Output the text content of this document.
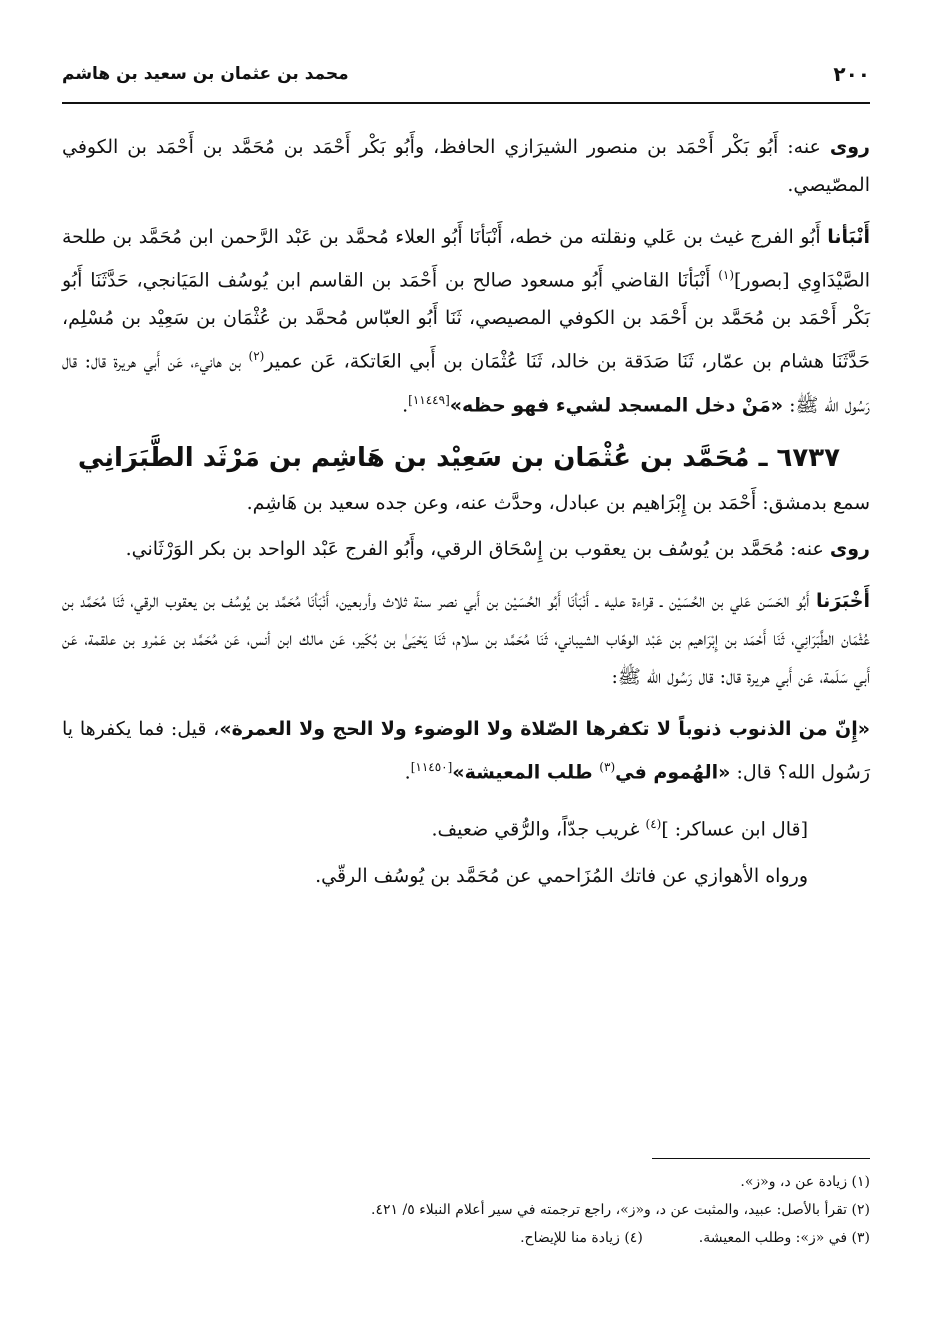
٢٠٠
محمد بن عثمان بن سعيد بن هاشم

روى عنه: أَبُو بَكْر أَحْمَد بن منصور الشيرَازي الحافظ، وأَبُو بَكْر أَحْمَد بن مُحَمَّد بن أَحْمَد بن الكوفي المصّيصي.

أَنْبَأنا أَبُو الفرج غيث بن عَلي ونقلته من خطه، أَنْبَأنَا أَبُو العلاء مُحمَّد بن عَبْد الرَّحمن ابن مُحَمَّد بن طلحة الصَّيْدَاوِي [بصور]$^{(١)}$ أَنْبَأنَا القاضي أَبُو مسعود صالح بن أَحْمَد بن القاسم ابن يُوسُف المَيَانجي، حَدَّثَنَا أَبُو بَكْر أَحْمَد بن مُحَمَّد بن أَحْمَد بن الكوفي المصيصي، ثَنَا أَبُو العبّاس مُحمَّد بن عُثْمَان بن سَعِيْد بن مُسْلِم، حَدَّثَنَا هشام بن عمّار، ثَنَا صَدَقة بن خالد، ثَنَا عُثْمَان بن أَبي العَاتكة، عَن عمير$^{(٢)}$ بن هانيء، عَن أَبي هريرة قال: قال رَسُول الله ﷺ: «مَنْ دخل المسجد لشيء فهو حظه»[١١٤٤٩].

٦٧٣٧ ـ مُحَمَّد بن عُثْمَان بن سَعِيْد بن هَاشِم بن مَرْثَد الطَّبَرَانِي

سمع بدمشق: أَحْمَد بن إِبْرَاهيم بن عبادل، وحدَّث عنه، وعن جده سعيد بن هَاشِم.

روى عنه: مُحَمَّد بن يُوسُف بن يعقوب بن إِسْحَاق الرقي، وأَبُو الفرج عَبْد الواحد بن بكر الوَرْثَاني.

أَخْبَرَنا أَبُو الحَسَن عَلي بن الحُسَيْن ـ قراءة عليه ـ أَنْبَأنَا أَبُو الحُسَيْن بن أَبي نصر سنة ثلاث وأربعين، أَنْبَأنَا مُحَمَّد بن يُوسُف بن يعقوب الرقي، ثَنَا مُحَمَّد بن عُثْمَان الطَّبَرَانِي، ثَنَا أَحْمَد بن إِبْرَاهيم بن عَبْد الوهّاب الشيباني، ثَنَا مُحَمَّد بن سلام، ثَنَا يَحْيَىٰ بن بُكَير، عَن مالك ابن أنس، عَن مُحَمَّد بن عَمْرو بن علقمة، عَن أَبي سَلَمة، عَن أَبي هريرة قال: قال رَسُول الله ﷺ:

«إِنّ من الذنوب ذنوباً لا تكفرها الصّلاة ولا الوضوء ولا الحج ولا العمرة»، قيل: فما يكفرها يا رَسُول الله؟ قال: «الهُموم في$^{(٣)}$ طلب المعيشة»[١١٤٥٠].

[قال ابن عساكر: ]$^{(٤)}$ غريب جدّاً، والرُّقي ضعيف.

ورواه الأهوازي عن فاتك المُزَاحمي عن مُحَمَّد بن يُوسُف الرقّي.

(١) زيادة عن د، و«ز».
(٢) تقرأ بالأصل: عبيد، والمثبت عن د، و«ز»، راجع ترجمته في سير أعلام النبلاء ٥/ ٤٢١.
(٣) في «ز»: وطلب المعيشة.(٤) زيادة منا للإيضاح.
